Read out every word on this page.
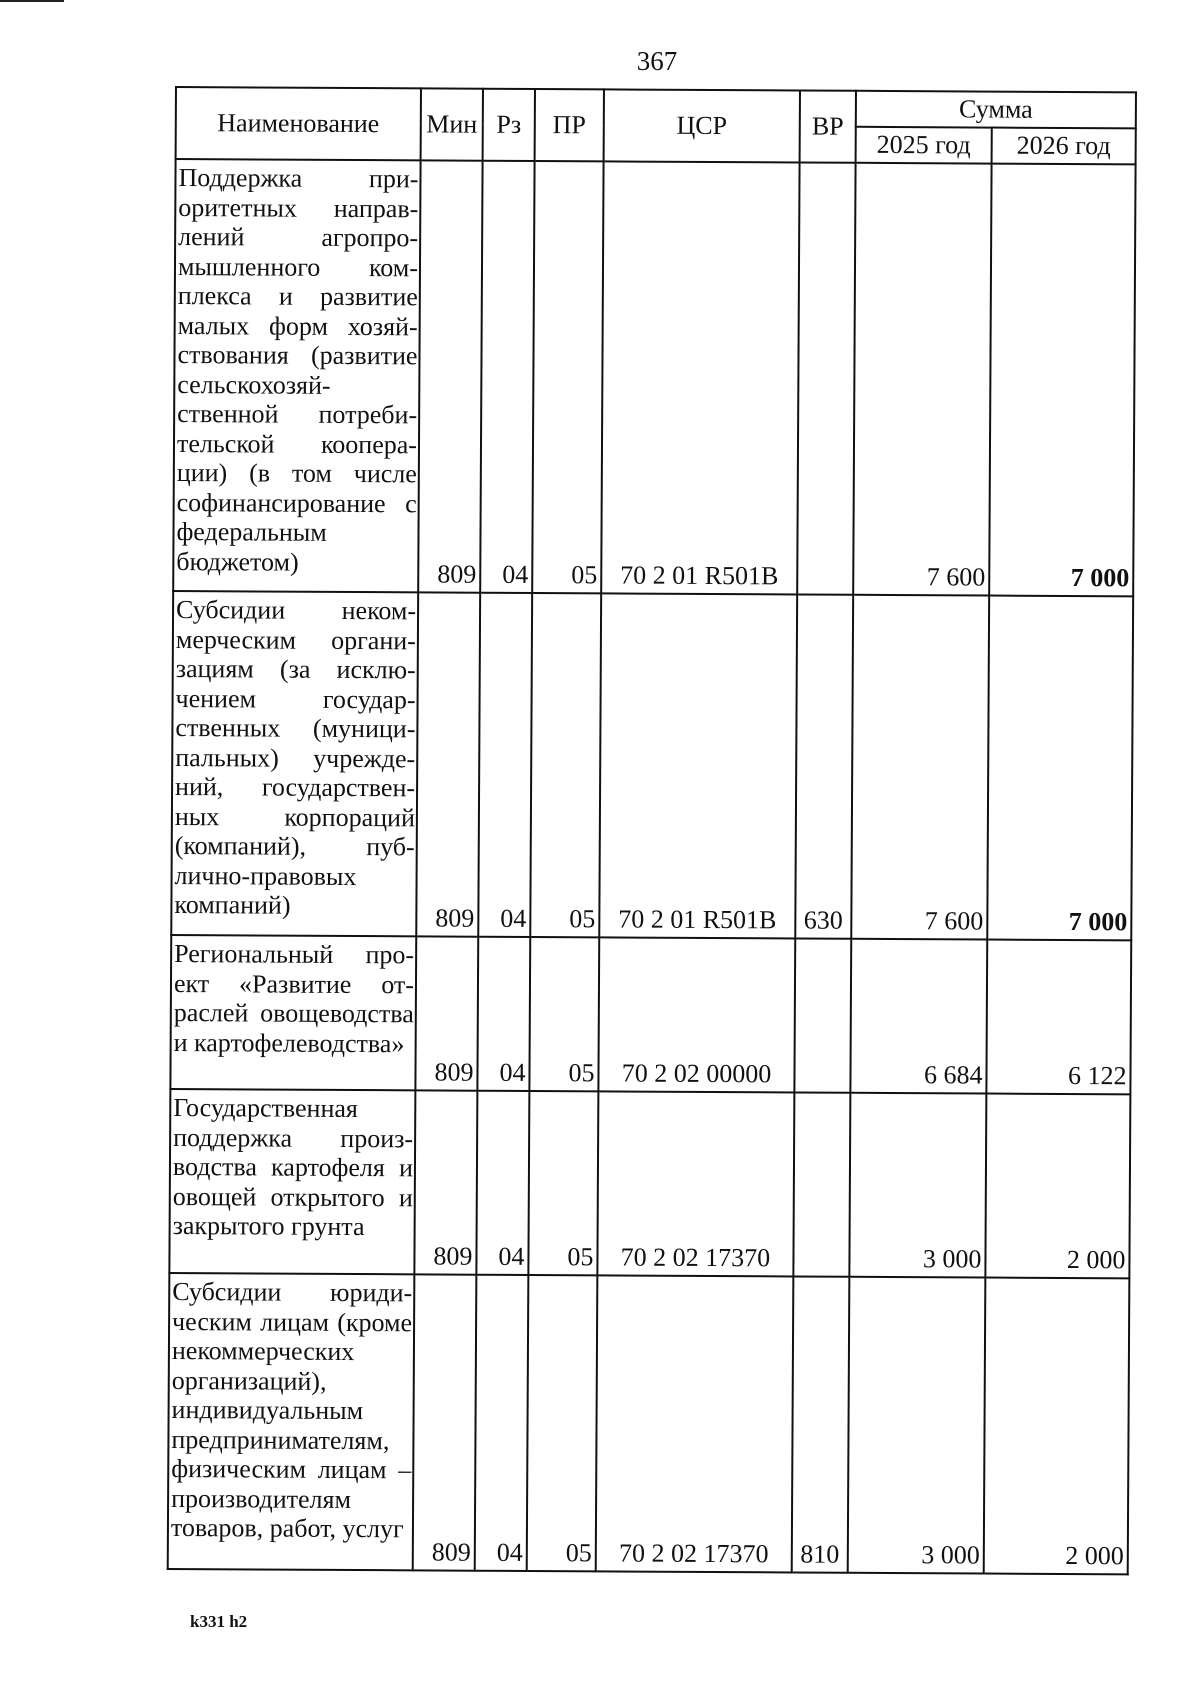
367
Наименование	Мин	Рз	ПР	ЦСР	ВР	Сумма	
						2025 год	2026 год
Поддержка приоритетных направлений агропромышленного комплекса и развитие малых форм хозяйствования (развитие сельскохозяйственной потребительской кооперации) (в том числе софинансирование с федеральным бюджетом)	809	04	05	70 2 01 R501B		7 600	7 000
Субсидии некоммерческим организациям (за исключением государственных (муниципальных) учреждений, государственных корпораций (компаний), публично-правовых компаний)	809	04	05	70 2 01 R501B	630	7 600	7 000
Региональный проект «Развитие отраслей овощеводства и картофелеводства»	809	04	05	70 2 02 00000		6 684	6 122
Государственная поддержка производства картофеля и овощей открытого и закрытого грунта	809	04	05	70 2 02 17370		3 000	2 000
Субсидии юридическим лицам (кроме некоммерческих организаций), индивидуальным предпринимателям, физическим лицам – производителям товаров, работ, услуг	809	04	05	70 2 02 17370	810	3 000	2 000
k331 h2
